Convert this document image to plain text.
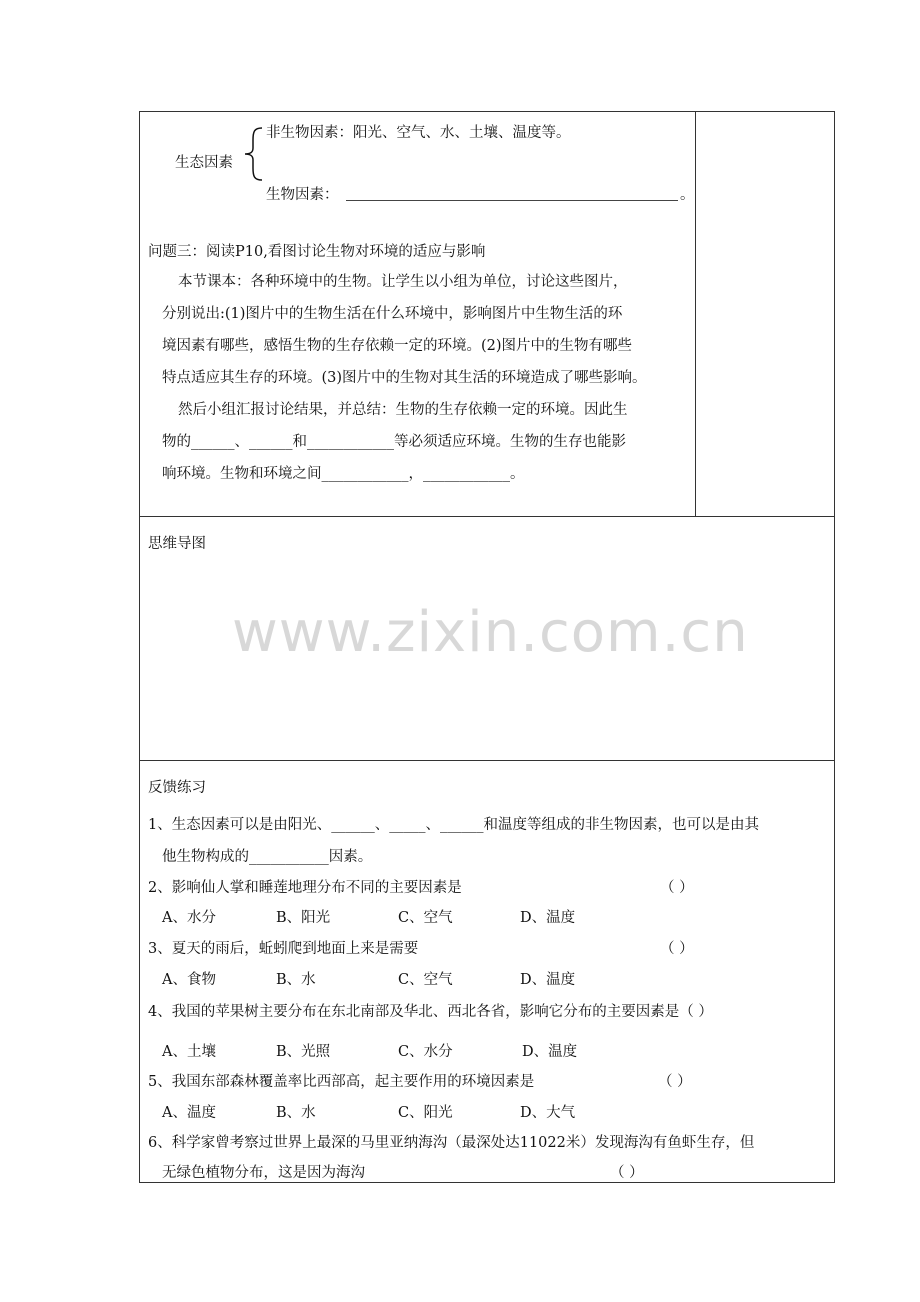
生态因素
非生物因素：阳光、空气、水、土壤、温度等。
生物因素：	。
问题三：阅读P10,看图讨论生物对环境的适应与影响
本节课本：各种环境中的生物。让学生以小组为单位，讨论这些图片，
分别说出:(1)图片中的生物生活在什么环境中，影响图片中生物生活的环
境因素有哪些，感悟生物的生存依赖一定的环境。(2)图片中的生物有哪些
特点适应其生存的环境。(3)图片中的生物对其生活的环境造成了哪些影响。
然后小组汇报讨论结果，并总结：生物的生存依赖一定的环境。因此生
物的______、______和____________等必须适应环境。生物的生存也能影
响环境。生物和环境之间____________，____________。
思维导图
www.zixin.com.cn
反馈练习
1、生态因素可以是由阳光、______、_____、______和温度等组成的非生物因素，也可以是由其
他生物构成的___________因素。
2、影响仙人掌和睡莲地理分布不同的主要因素是	（ ）
A、水分	B、阳光	C、空气	D、温度
3、夏天的雨后，蚯蚓爬到地面上来是需要	（ ）
A、食物	B、水	C、空气	D、温度
4、我国的苹果树主要分布在东北南部及华北、西北各省，影响它分布的主要因素是（ ）
A、土壤	B、光照	C、水分	D、温度
5、我国东部森林覆盖率比西部高，起主要作用的环境因素是	（ ）
A、温度	B、水	C、阳光	D、大气
6、科学家曾考察过世界上最深的马里亚纳海沟（最深处达11022米）发现海沟有鱼虾生存，但
无绿色植物分布，这是因为海沟	（ ）
